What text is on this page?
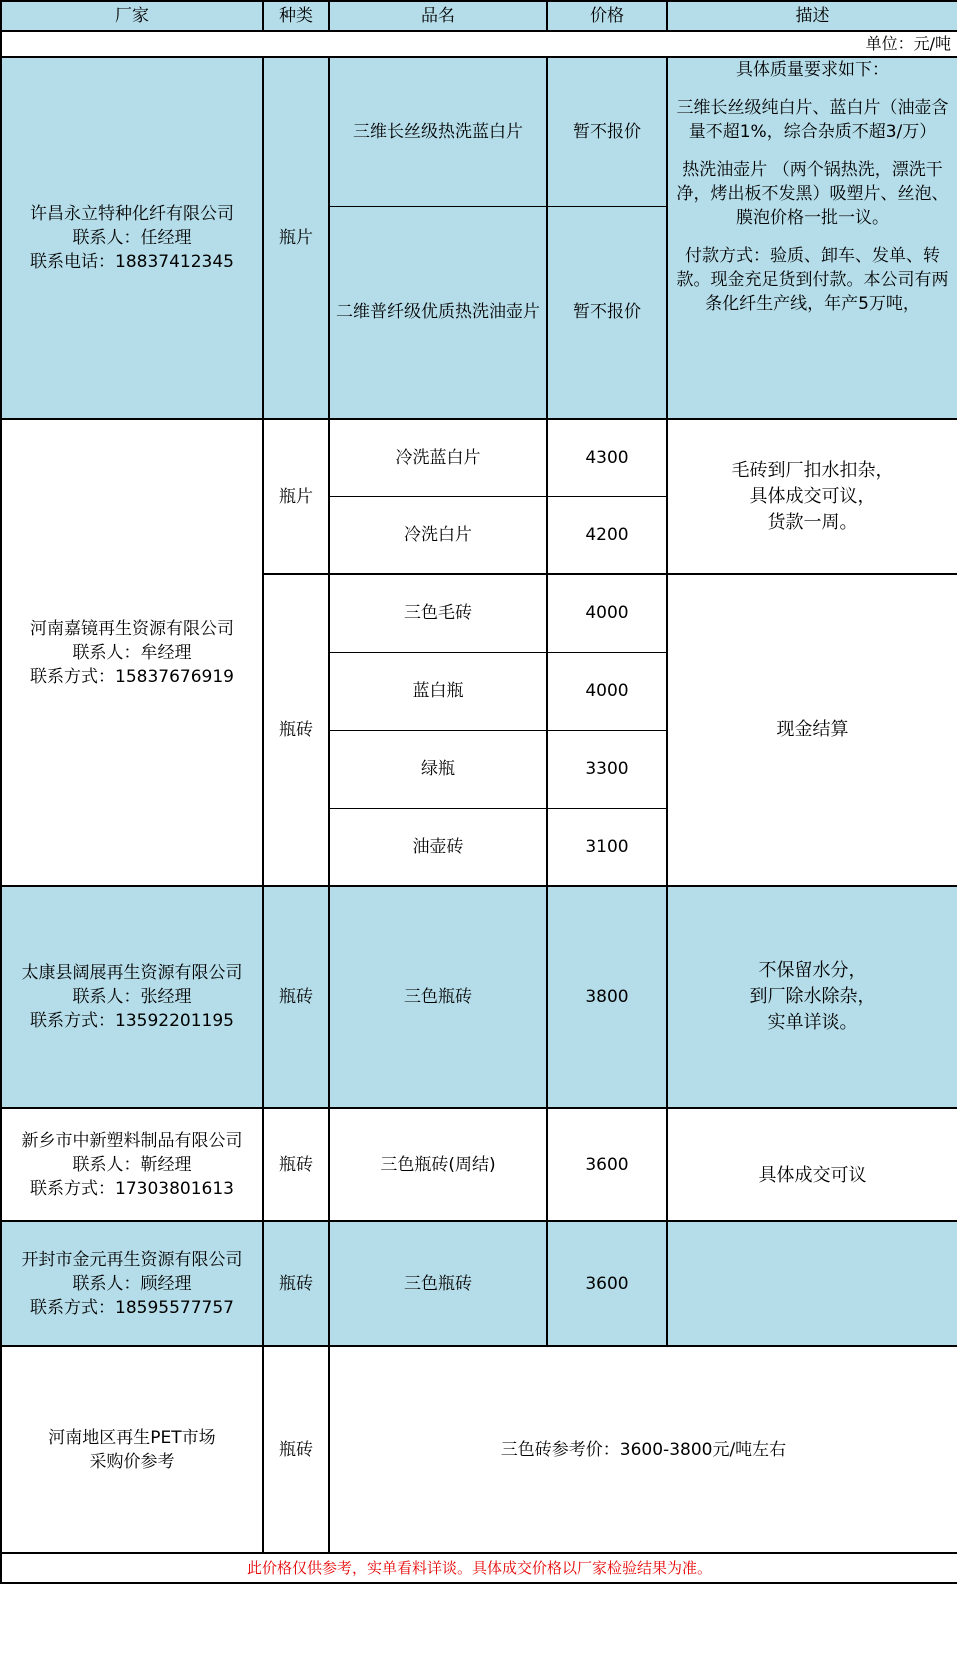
厂家	种类	品名	价格	描述
单位：元/吨				

许昌永立特种化纤有限公司
联系人：任经理
联系电话：18837412345	瓶片	三维长丝级热洗蓝白片	暂不报价	具体质量要求如下：
三维长丝级纯白片、蓝白片（油壶含量不超1%，综合杂质不超3/万）
热洗油壶片 （两个锅热洗，漂洗干净，烤出板不发黑）吸塑片、丝泡、膜泡价格一批一议。
付款方式：验质、卸车、发单、转款。现金充足货到付款。本公司有两条化纤生产线，年产5万吨，

		二维普纤级优质热洗油壶片	暂不报价	

河南嘉镜再生资源有限公司
联系人：牟经理
联系方式：15837676919	瓶片	冷洗蓝白片	4300	毛砖到厂扣水扣杂，
具体成交可议，
货款一周。

		冷洗白片	4200	
	瓶砖	三色毛砖	4000	现金结算
		蓝白瓶	4000	
		绿瓶	3300	
		油壶砖	3100	

太康县阔展再生资源有限公司
联系人：张经理
联系方式：13592201195	瓶砖	三色瓶砖	3800	不保留水分，
到厂除水除杂，
实单详谈。

新乡市中新塑料制品有限公司
联系人：靳经理
联系方式：17303801613	瓶砖	三色瓶砖(周结)	3600	具体成交可议

开封市金元再生资源有限公司
联系人：顾经理
联系方式：18595577757	瓶砖	三色瓶砖	3600	

河南地区再生PET市场
采购价参考	瓶砖	三色砖参考价：3600-3800元/吨左右		
此价格仅供参考，实单看料详谈。具体成交价格以厂家检验结果为准。				
